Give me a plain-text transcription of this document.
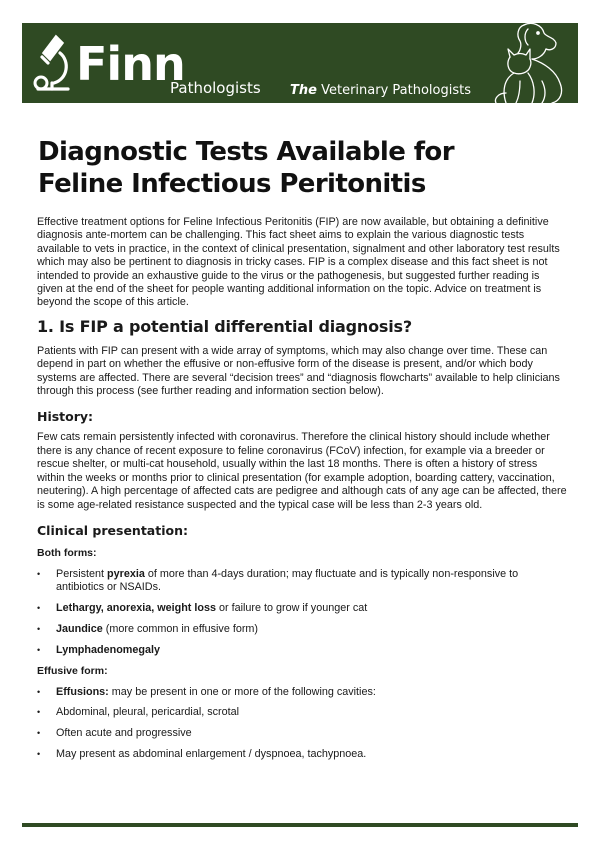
Finn
Pathologists The Veterinary Pathologists
Diagnostic Tests Available for
Feline Infectious Peritonitis

Effective treatment options for Feline Infectious Peritonitis (FIP) are now available, but obtaining a definitive diagnosis ante-mortem can be challenging. This fact sheet aims to explain the various diagnostic tests available to vets in practice, in the context of clinical presentation, signalment and other laboratory test results which may also be pertinent to diagnosis in tricky cases. FIP is a complex disease and this fact sheet is not intended to provide an exhaustive guide to the virus or the pathogenesis, but suggested further reading is given at the end of the sheet for people wanting additional information on the topic. Advice on treatment is beyond the scope of this article.

1. Is FIP a potential differential diagnosis?

Patients with FIP can present with a wide array of symptoms, which may also change over time. These can depend in part on whether the effusive or non-effusive form of the disease is present, and/or which body systems are affected. There are several “decision trees” and “diagnosis flowcharts” available to help clinicians through this process (see further reading and information section below).

History:

Few cats remain persistently infected with coronavirus. Therefore the clinical history should include whether there is any chance of recent exposure to feline coronavirus (FCoV) infection, for example via a breeder or rescue shelter, or multi-cat household, usually within the last 18 months. There is often a history of stress within the weeks or months prior to clinical presentation (for example adoption, boarding cattery, vaccination, neutering). A high percentage of affected cats are pedigree and although cats of any age can be affected, there is some age-related resistance suspected and the typical case will be less than 2-3 years old.

Clinical presentation:
Both forms:
• Persistent pyrexia of more than 4-days duration; may fluctuate and is typically non-responsive to antibiotics or NSAIDs.
• Lethargy, anorexia, weight loss or failure to grow if younger cat
• Jaundice (more common in effusive form)
• Lymphadenomegaly
Effusive form:
• Effusions: may be present in one or more of the following cavities:
• Abdominal, pleural, pericardial, scrotal
• Often acute and progressive
• May present as abdominal enlargement / dyspnoea, tachypnoea.
